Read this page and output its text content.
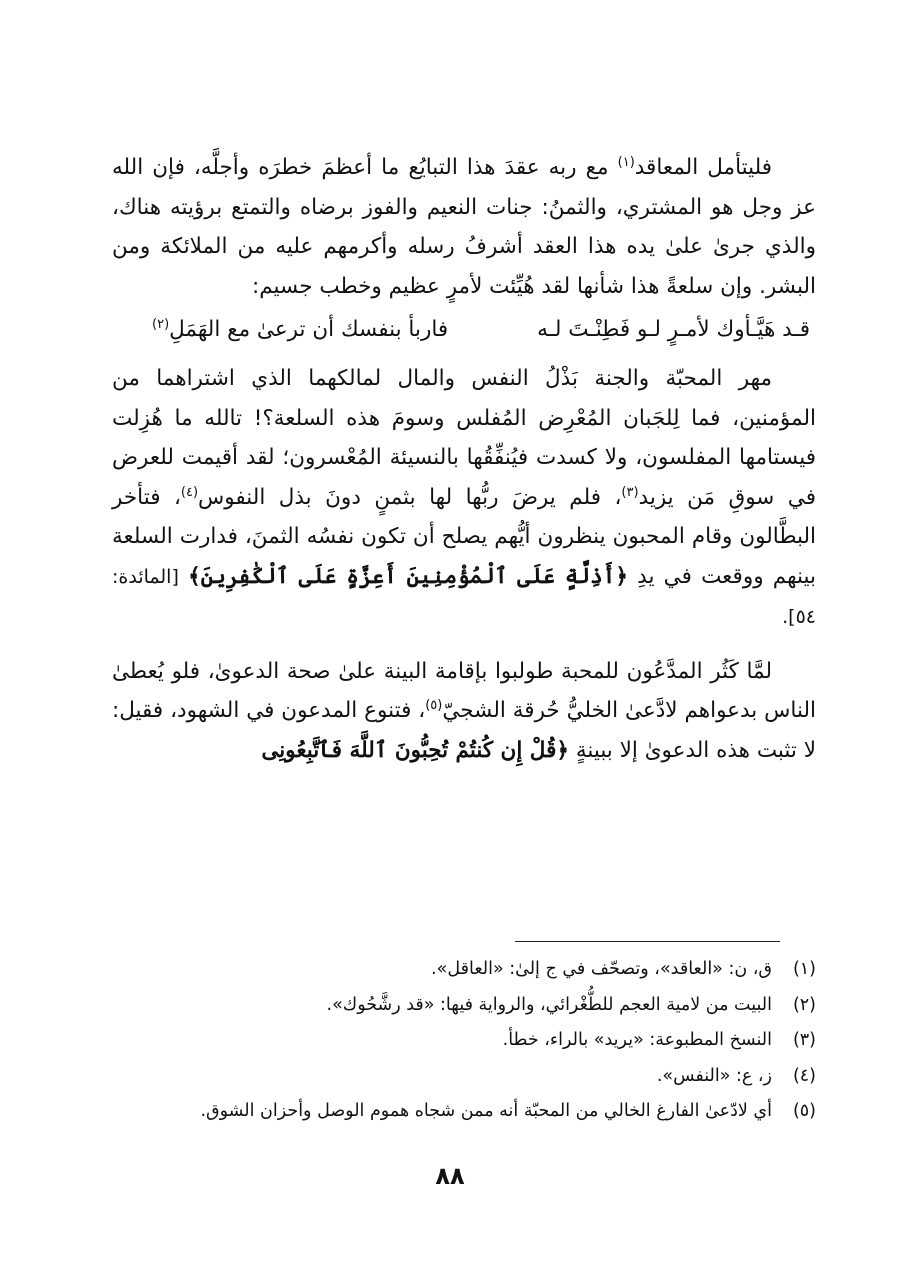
فليتأمل المعاقد$^{(١)}$ مع ربه عقدَ هذا التبايُع ما أعظمَ خطرَه وأجلَّه، فإن الله عز وجل هو المشتري، والثمنُ: جنات النعيم والفوز برضاه والتمتع برؤيته هناك، والذي جرىٰ علىٰ يده هذا العقد أشرفُ رسله وأكرمهم عليه من الملائكة ومن البشر. وإن سلعةً هذا شأنها لقد هُيِّئت لأمرٍ عظيم وخطب جسيم:

قـد هَيَّـأوك لأمـرٍ لـو فَطِنْـتَ لـه
فاربأ بنفسك أن ترعىٰ مع الهَمَلِ$^{(٢)}$

مهر المحبّة والجنة بَذْلُ النفس والمال لمالكهما الذي اشتراهما من المؤمنين، فما لِلجَبان المُعْرِض المُفلس وسومَ هذه السلعة؟! تالله ما هُزِلت فيستامها المفلسون، ولا كسدت فيُنفِّقُها بالنسيئة المُعْسرون؛ لقد أقيمت للعرض في سوقِ مَن يزيد$^{(٣)}$، فلم يرضَ ربُّها لها بثمنٍ دونَ بذل النفوس$^{(٤)}$، فتأخر البطَّالون وقام المحبون ينظرون أيُّهم يصلح أن تكون نفسُه الثمنَ، فدارت السلعة بينهم ووقعت في يدِ ﴿أَذِلَّةٍ عَلَى ٱلْمُؤْمِنِينَ أَعِزَّةٍ عَلَى ٱلْكَٰفِرِينَ﴾ [المائدة: ٥٤].

لمَّا كَثُر المدَّعُون للمحبة طولبوا بإقامة البينة علىٰ صحة الدعوىٰ، فلو يُعطىٰ الناس بدعواهم لادَّعىٰ الخليُّ حُرقة الشجيّ$^{(٥)}$، فتنوع المدعون في الشهود، فقيل: لا تثبت هذه الدعوىٰ إلا ببينةٍ ﴿قُلْ إِن كُنتُمْ تُحِبُّونَ ٱللَّهَ فَٱتَّبِعُونِى

(١)
ق، ن: «العاقد»، وتصحّف في ج إلىٰ: «العاقل».
(٢)
البيت من لامية العجم للطُّغْرائي، والرواية فيها: «قد رشَّحُوك».
(٣)
النسخ المطبوعة: «يريد» بالراء، خطأ.
(٤)
ز، ع: «النفس».
(٥)
أي لادّعىٰ الفارغ الخالي من المحبّة أنه ممن شجاه هموم الوصل وأحزان الشوق.
٨٨
